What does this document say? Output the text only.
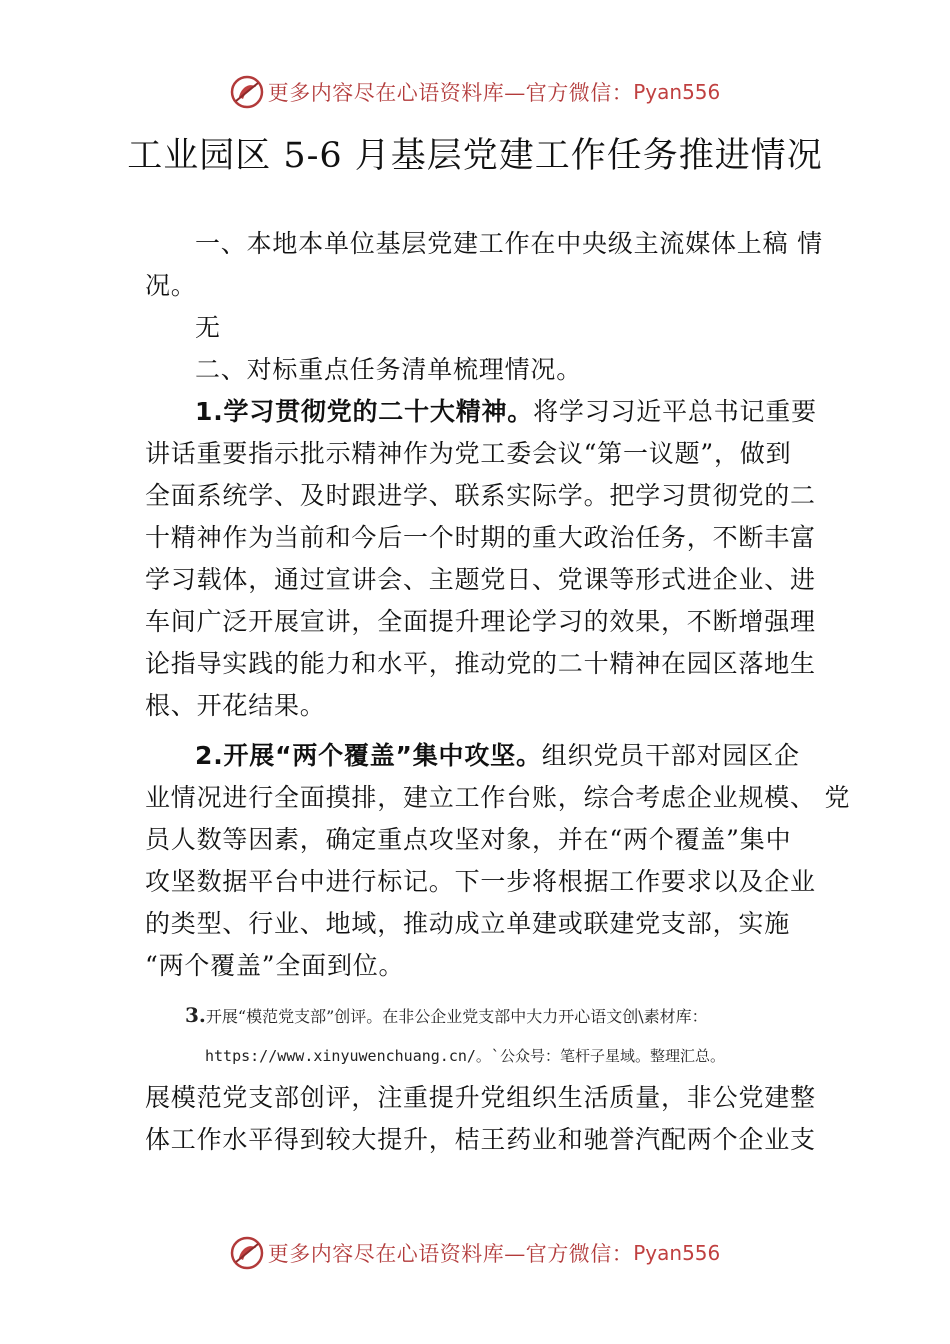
更多内容尽在心语资料库—官方微信： Pyan556
工业园区 5-6 月基层党建工作任务推进情况
一、本地本单位基层党建工作在中央级主流媒体上稿 情
况。
无
二、对标重点任务清单梳理情况。
1.学习贯彻党的二十大精神。将学习习近平总书记重要
讲话重要指示批示精神作为党工委会议“第一议题”，做到
全面系统学、及时跟进学、联系实际学。把学习贯彻党的二
十精神作为当前和今后一个时期的重大政治任务，不断丰富
学习载体，通过宣讲会、主题党日、党课等形式进企业、进
车间广泛开展宣讲，全面提升理论学习的效果，不断增强理
论指导实践的能力和水平，推动党的二十精神在园区落地生
根、开花结果。
2.开展“两个覆盖”集中攻坚。组织党员干部对园区企
业情况进行全面摸排，建立工作台账，综合考虑企业规模、 党
员人数等因素，确定重点攻坚对象，并在“两个覆盖”集中
攻坚数据平台中进行标记。下一步将根据工作要求以及企业
的类型、行业、地域，推动成立单建或联建党支部，实施
“两个覆盖”全面到位。
3.开展“模范党支部”创评。在非公企业党支部中大力开心语文创\素材库：
https://www.xinyuwenchuang.cn/。`公众号：笔杆子星域。整理汇总。
展模范党支部创评，注重提升党组织生活质量，非公党建整
体工作水平得到较大提升，桔王药业和驰誉汽配两个企业支
更多内容尽在心语资料库—官方微信： Pyan556
